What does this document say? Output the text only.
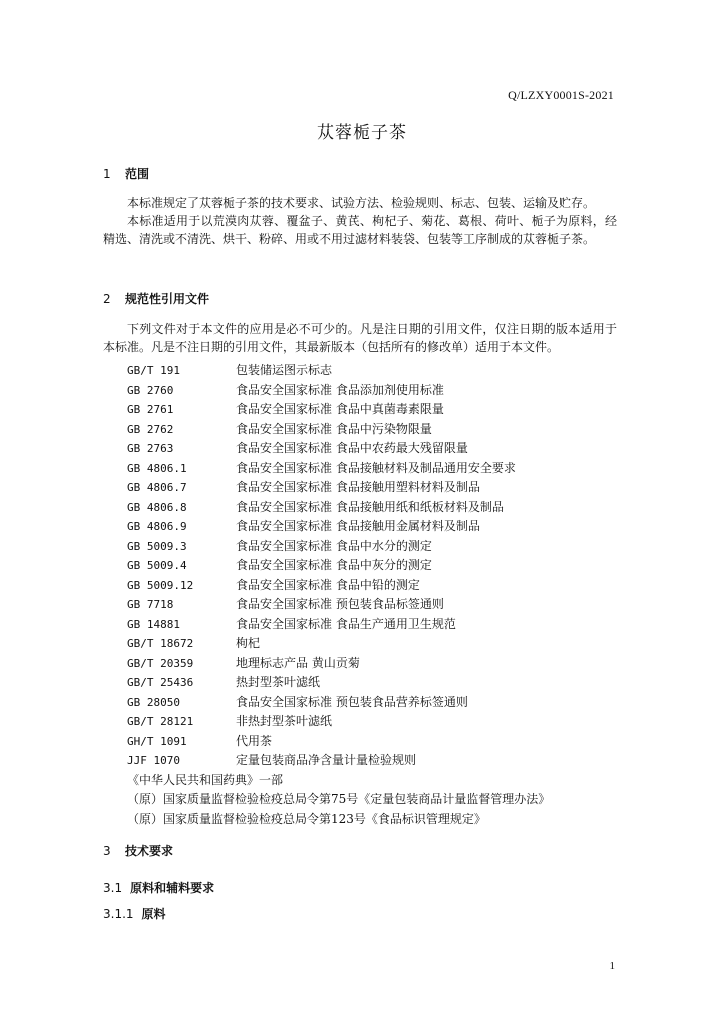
Q/LZXY0001S-2021
苁蓉栀子茶
1 范围
本标准规定了苁蓉栀子茶的技术要求、试验方法、检验规则、标志、包装、运输及贮存。
本标准适用于以荒漠肉苁蓉、覆盆子、黄芪、枸杞子、菊花、葛根、荷叶、栀子为原料，经精选、清洗或不清洗、烘干、粉碎、用或不用过滤材料装袋、包装等工序制成的苁蓉栀子茶。
2 规范性引用文件
下列文件对于本文件的应用是必不可少的。凡是注日期的引用文件，仅注日期的版本适用于本标准。凡是不注日期的引用文件，其最新版本（包括所有的修改单）适用于本文件。
GB/T 191	包装储运图示标志
GB 2760	食品安全国家标准 食品添加剂使用标准
GB 2761	食品安全国家标准 食品中真菌毒素限量
GB 2762	食品安全国家标准 食品中污染物限量
GB 2763	食品安全国家标准 食品中农药最大残留限量
GB 4806.1	食品安全国家标准 食品接触材料及制品通用安全要求
GB 4806.7	食品安全国家标准 食品接触用塑料材料及制品
GB 4806.8	食品安全国家标准 食品接触用纸和纸板材料及制品
GB 4806.9	食品安全国家标准 食品接触用金属材料及制品
GB 5009.3	食品安全国家标准 食品中水分的测定
GB 5009.4	食品安全国家标准 食品中灰分的测定
GB 5009.12	食品安全国家标准 食品中铅的测定
GB 7718	食品安全国家标准 预包装食品标签通则
GB 14881	食品安全国家标准 食品生产通用卫生规范
GB/T 18672	枸杞
GB/T 20359	地理标志产品 黄山贡菊
GB/T 25436	热封型茶叶滤纸
GB 28050	食品安全国家标准 预包装食品营养标签通则
GB/T 28121	非热封型茶叶滤纸
GH/T 1091	代用茶
JJF 1070	定量包装商品净含量计量检验规则
《中华人民共和国药典》一部
（原）国家质量监督检验检疫总局令第75号《定量包装商品计量监督管理办法》
（原）国家质量监督检验检疫总局令第123号《食品标识管理规定》
3 技术要求
3.1 原料和辅料要求
3.1.1 原料
1
